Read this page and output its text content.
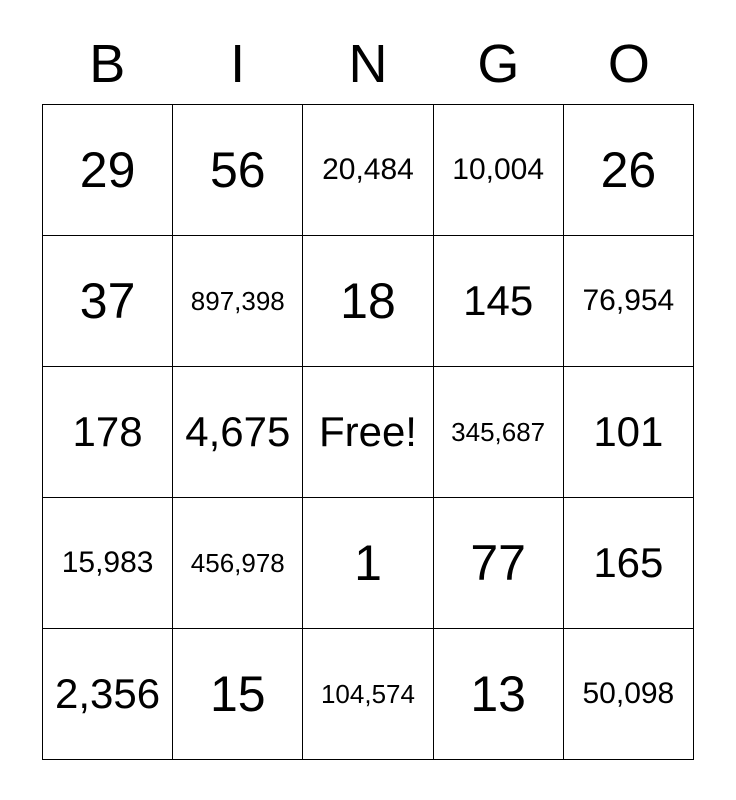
B	I	N	G	O
29	56	20,484	10,004	26
37	897,398	18	145	76,954
178	4,675	Free!	345,687	101
15,983	456,978	1	77	165
2,356	15	104,574	13	50,098
